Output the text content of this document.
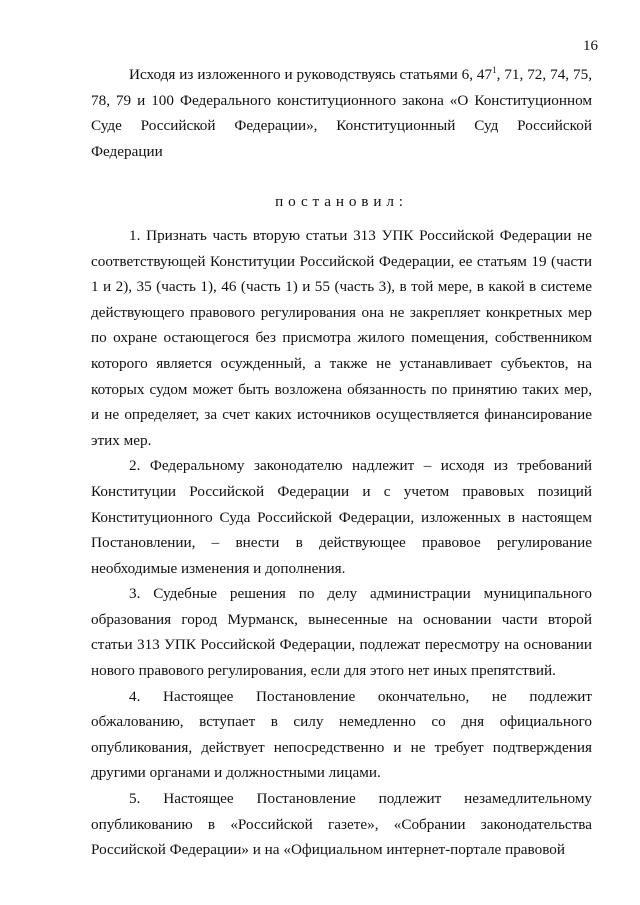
16

Исходя из изложенного и руководствуясь статьями 6, $47^1$, 71, 72, 74, 75, 78, 79 и 100 Федерального конституционного закона «О Конституционном Суде Российской Федерации», Конституционный Суд Российской Федерации

постановил:

1. Признать часть вторую статьи 313 УПК Российской Федерации не соответствующей Конституции Российской Федерации, ее статьям 19 (части 1 и 2), 35 (часть 1), 46 (часть 1) и 55 (часть 3), в той мере, в какой в системе действующего правового регулирования она не закрепляет конкретных мер по охране остающегося без присмотра жилого помещения, собственником которого является осужденный, а также не устанавливает субъектов, на которых судом может быть возложена обязанность по принятию таких мер, и не определяет, за счет каких источников осуществляется финансирование этих мер.

2. Федеральному законодателю надлежит – исходя из требований Конституции Российской Федерации и с учетом правовых позиций Конституционного Суда Российской Федерации, изложенных в настоящем Постановлении, – внести в действующее правовое регулирование необходимые изменения и дополнения.

3. Судебные решения по делу администрации муниципального образования город Мурманск, вынесенные на основании части второй статьи 313 УПК Российской Федерации, подлежат пересмотру на основании нового правового регулирования, если для этого нет иных препятствий.

4. Настоящее Постановление окончательно, не подлежит обжалованию, вступает в силу немедленно со дня официального опубликования, действует непосредственно и не требует подтверждения другими органами и должностными лицами.

5. Настоящее Постановление подлежит незамедлительному опубликованию в «Российской газете», «Собрании законодательства Российской Федерации» и на «Официальном интернет-портале правовой
